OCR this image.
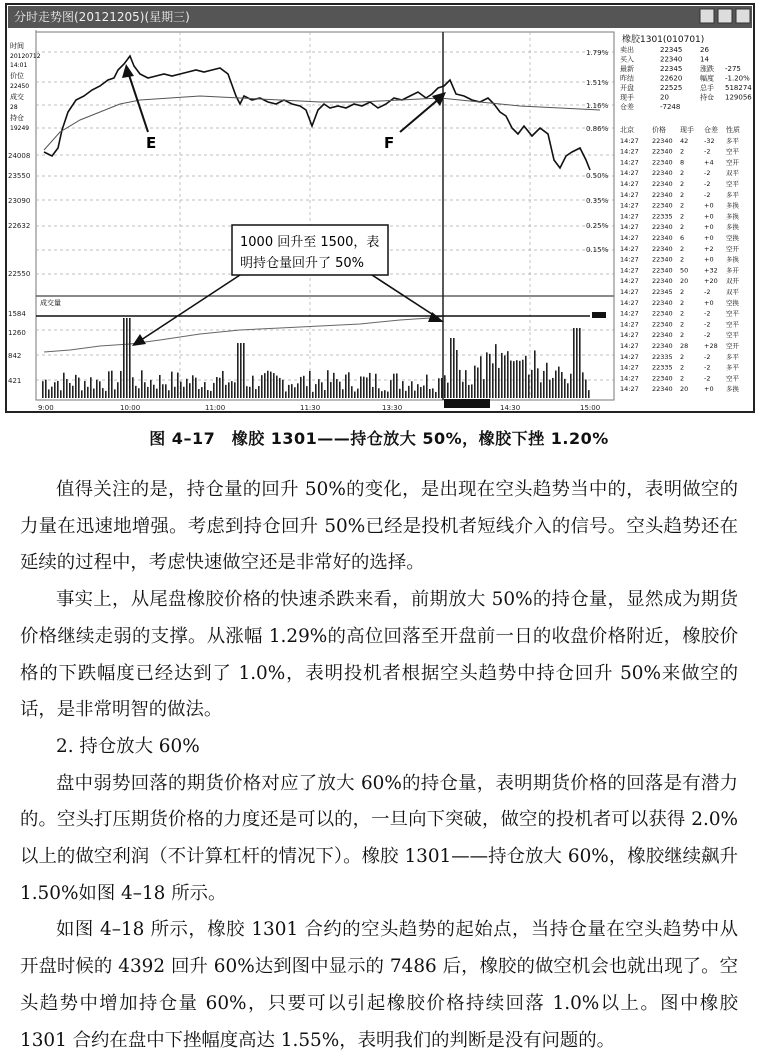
分时走势图(20121205)(星期三)
时间
20120712
14:01
价位
22450
成交
28
持仓
19249
24008
23550
23090
22632
22550
1584
1260
842
421
1.79%
1.51%
1.16%
0.86%
0.50%
0.35%
0.25%
0.15%
成交量
9:00	10:00	11:00	11:30	13:30	14:30	15:00
E	F
1000 回升至 1500，表
明持仓量回升了 50%
橡胶1301(010701)
卖出	22345	26
买入	22340	14
最新	22345	涨跌 -275
昨结	22620	幅度 -1.20%
开盘	22525	总手 518274
现手	20	持仓 129056
仓差	-7248
北京	价格 现手 仓差 性质
14:27 22340 42 -32 多平
14:27 22340 2	-2 空平
14:27 22340 8	+4 空开
14:27 22340 2	-2 双平
14:27 22340 2	-2 空平
14:27 22340 2	-2 多平
14:27 22340 2	+0 多换
14:27 22335 2	+0 多换
14:27 22340 2	+0 多换
14:27 22340 6	+0 空换
14:27 22340 2	+2 空开
14:27 22340 2	+0 多换
14:27 22340 50 +32 多开
14:27 22340 20 +20 双开
14:27 22345 2	-2 双平
14:27 22340 2	+0 空换
14:27 22340 2	-2 空平
14:27 22340 2	-2 空平
14:27 22340 2	-2 空平
14:27 22340 28 +28 空开
14:27 22335 2	-2 多平
14:27 22335 2	-2 多平
14:27 22340 2	-2 空平
14:27 22340 20 +0 多换
图 4–17　橡胶 1301——持仓放大 50%，橡胶下挫 1.20%

值得关注的是，持仓量的回升 50%的变化，是出现在空头趋势当中的，表明做空的力量在迅速地增强。考虑到持仓回升 50%已经是投机者短线介入的信号。空头趋势还在延续的过程中，考虑快速做空还是非常好的选择。

事实上，从尾盘橡胶价格的快速杀跌来看，前期放大 50%的持仓量，显然成为期货价格继续走弱的支撑。从涨幅 1.29%的高位回落至开盘前一日的收盘价格附近，橡胶价格的下跌幅度已经达到了 1.0%，表明投机者根据空头趋势中持仓回升 50%来做空的话，是非常明智的做法。

2. 持仓放大 60%

盘中弱势回落的期货价格对应了放大 60%的持仓量，表明期货价格的回落是有潜力的。空头打压期货价格的力度还是可以的，一旦向下突破，做空的投机者可以获得 2.0%以上的做空利润（不计算杠杆的情况下）。橡胶 1301——持仓放大 60%，橡胶继续飙升 1.50%如图 4–18 所示。

如图 4–18 所示，橡胶 1301 合约的空头趋势的起始点，当持仓量在空头趋势中从开盘时候的 4392 回升 60%达到图中显示的 7486 后，橡胶的做空机会也就出现了。空头趋势中增加持仓量 60%，只要可以引起橡胶价格持续回落 1.0%以上。图中橡胶 1301 合约在盘中下挫幅度高达 1.55%，表明我们的判断是没有问题的。
